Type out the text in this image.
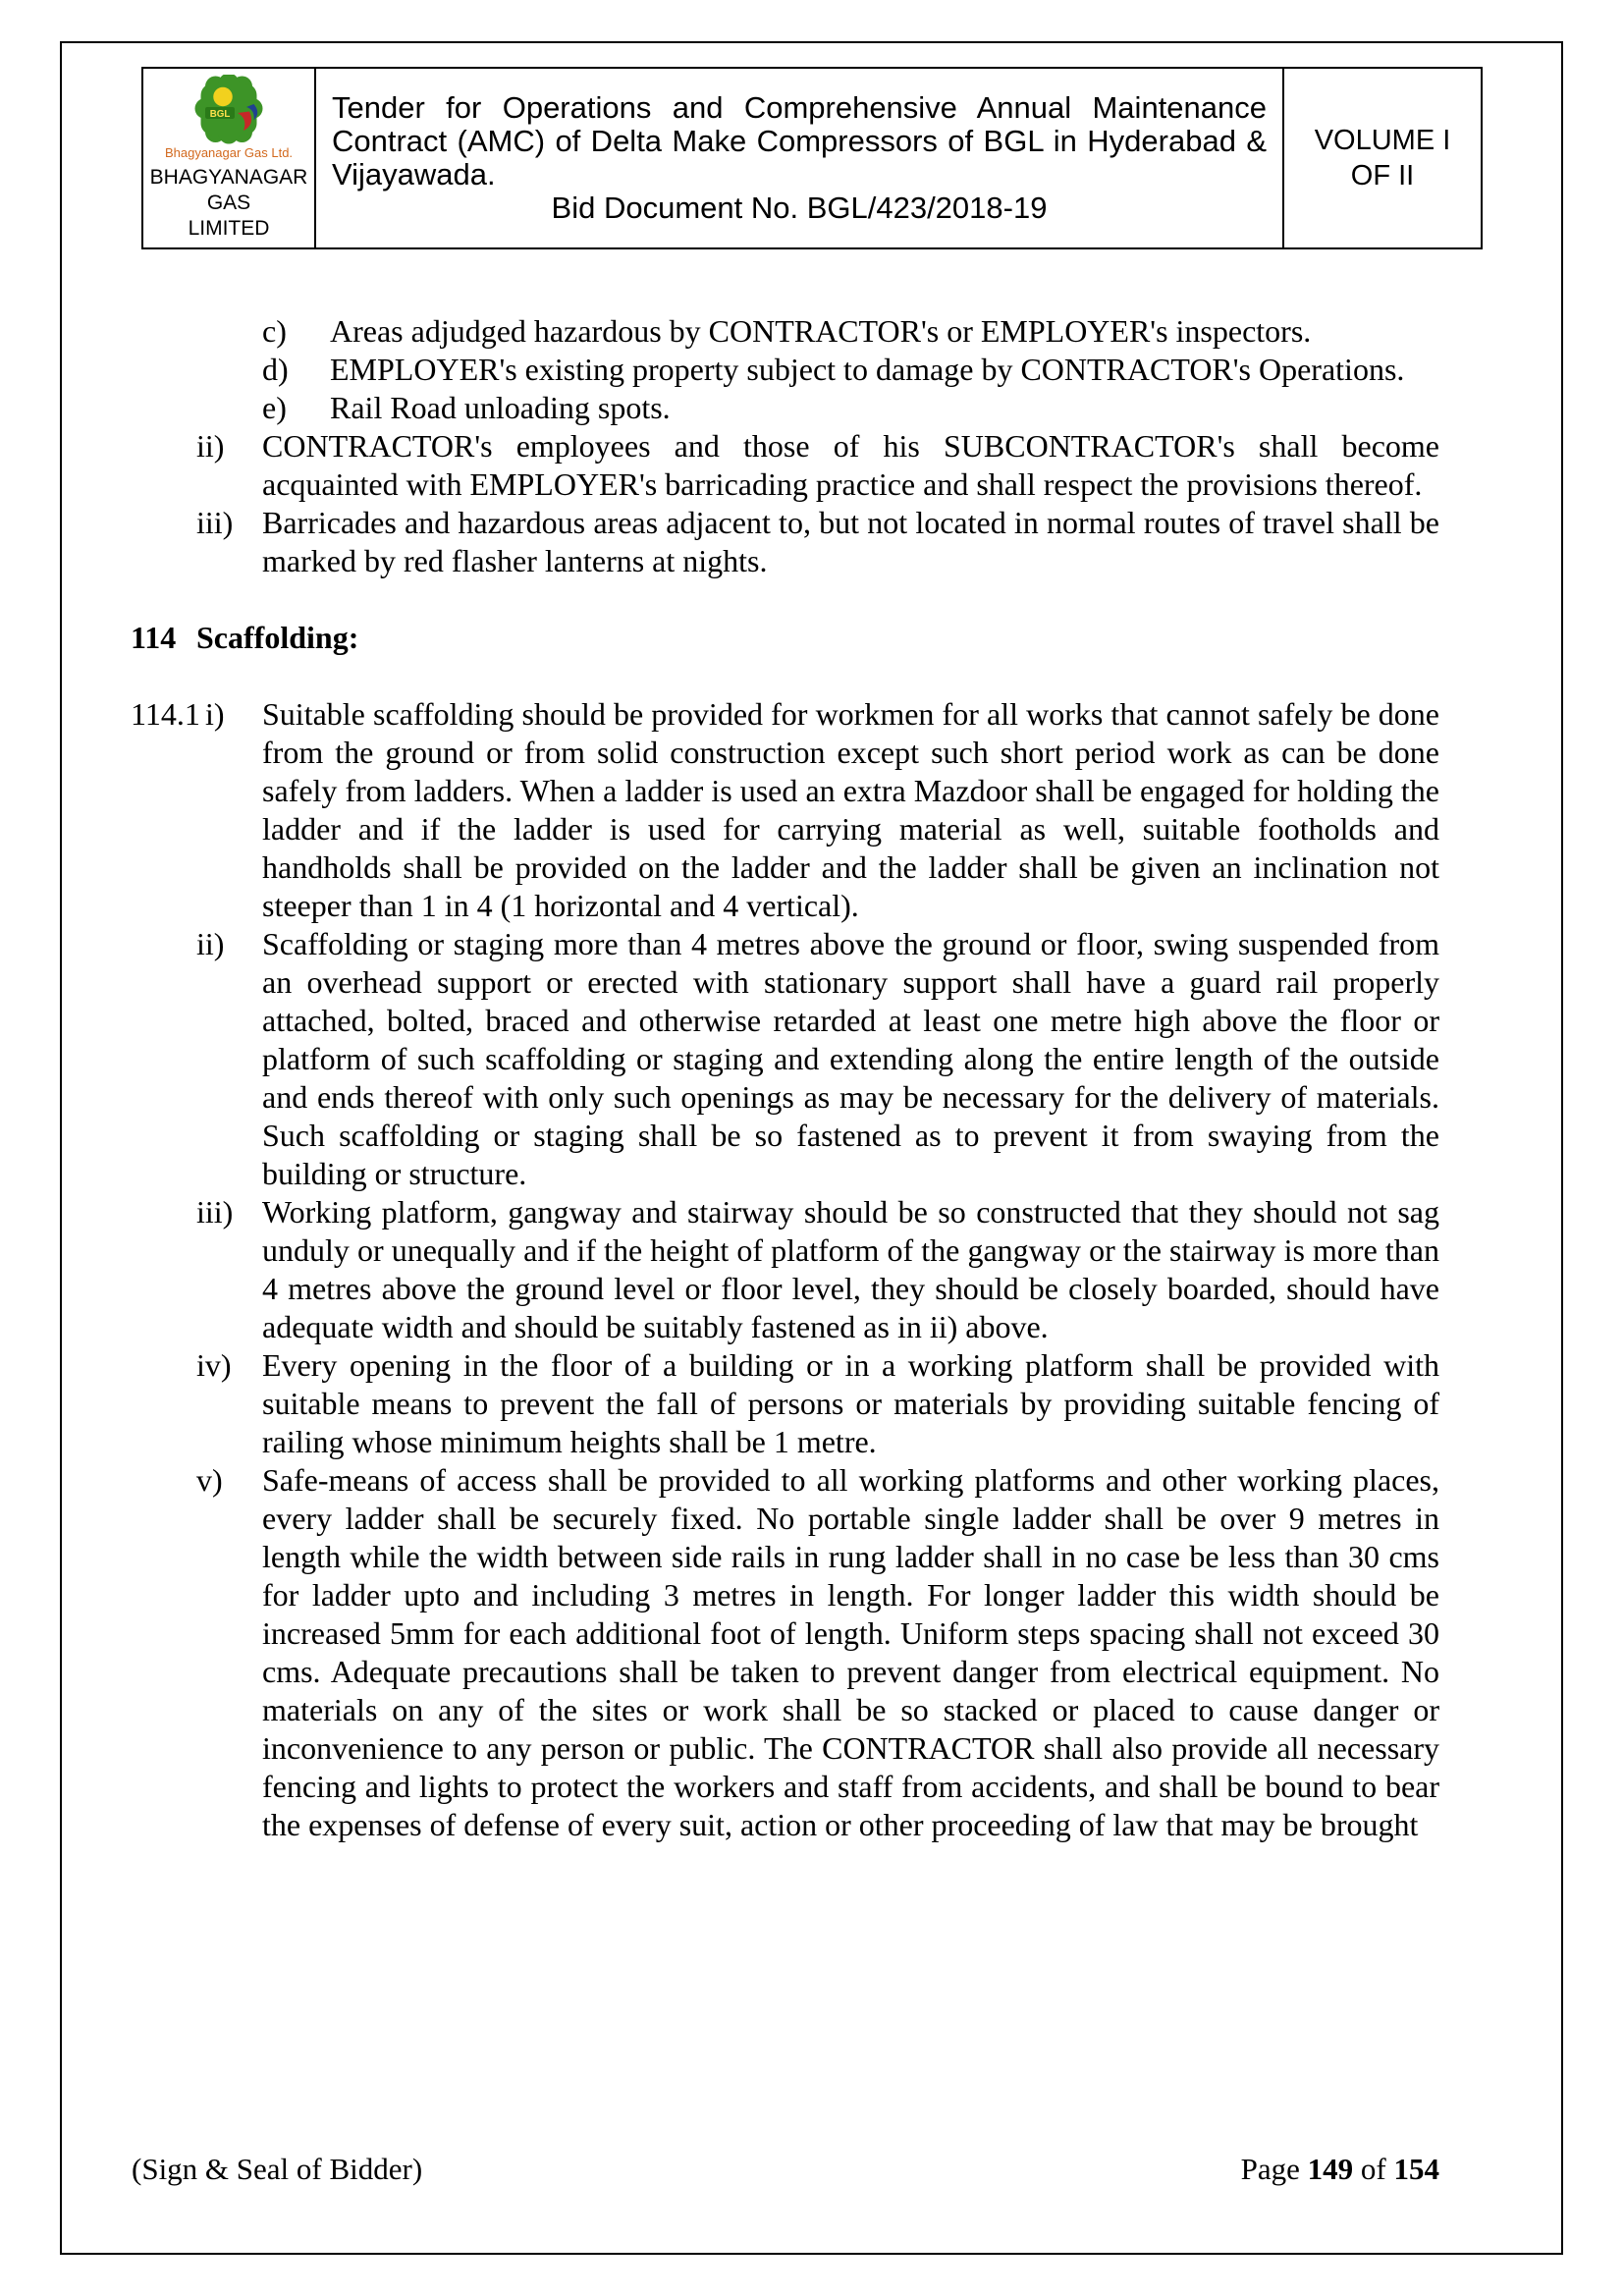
BGL
Bhagyanagar Gas Ltd.
BHAGYANAGAR GAS
LIMITED
Tender for Operations and Comprehensive Annual Maintenance Contract (AMC) of Delta Make Compressors of BGL in Hyderabad & Vijayawada.
Bid Document No. BGL/423/2018-19
VOLUME I
OF II
c)	Areas adjudged hazardous by CONTRACTOR's or EMPLOYER's inspectors.
d)	EMPLOYER's existing property subject to damage by CONTRACTOR's Operations.
e)	Rail Road unloading spots.
ii)	CONTRACTOR's employees and those of his SUBCONTRACTOR's shall become acquainted with EMPLOYER's barricading practice and shall respect the provisions thereof.
iii) Barricades and hazardous areas adjacent to, but not located in normal routes of travel shall be marked by red flasher lanterns at nights.
114 Scaffolding:
114.1 i)	Suitable scaffolding should be provided for workmen for all works that cannot safely be done from the ground or from solid construction except such short period work as can be done safely from ladders. When a ladder is used an extra Mazdoor shall be engaged for holding the ladder and if the ladder is used for carrying material as well, suitable footholds and handholds shall be provided on the ladder and the ladder shall be given an inclination not steeper than 1 in 4 (1 horizontal and 4 vertical).
ii)	Scaffolding or staging more than 4 metres above the ground or floor, swing suspended from an overhead support or erected with stationary support shall have a guard rail properly attached, bolted, braced and otherwise retarded at least one metre high above the floor or platform of such scaffolding or staging and extending along the entire length of the outside and ends thereof with only such openings as may be necessary for the delivery of materials. Such scaffolding or staging shall be so fastened as to prevent it from swaying from the building or structure.
iii) Working platform, gangway and stairway should be so constructed that they should not sag unduly or unequally and if the height of platform of the gangway or the stairway is more than 4 metres above the ground level or floor level, they should be closely boarded, should have adequate width and should be suitably fastened as in ii) above.
iv) Every opening in the floor of a building or in a working platform shall be provided with suitable means to prevent the fall of persons or materials by providing suitable fencing of railing whose minimum heights shall be 1 metre.
v)	Safe-means of access shall be provided to all working platforms and other working places, every ladder shall be securely fixed. No portable single ladder shall be over 9 metres in length while the width between side rails in rung ladder shall in no case be less than 30 cms for ladder upto and including 3 metres in length. For longer ladder this width should be increased 5mm for each additional foot of length. Uniform steps spacing shall not exceed 30 cms. Adequate precautions shall be taken to prevent danger from electrical equipment. No materials on any of the sites or work shall be so stacked or placed to cause danger or inconvenience to any person or public. The CONTRACTOR shall also provide all necessary fencing and lights to protect the workers and staff from accidents, and shall be bound to bear the expenses of defense of every suit, action or other proceeding of law that may be brought
(Sign & Seal of Bidder)	Page 149 of 154
